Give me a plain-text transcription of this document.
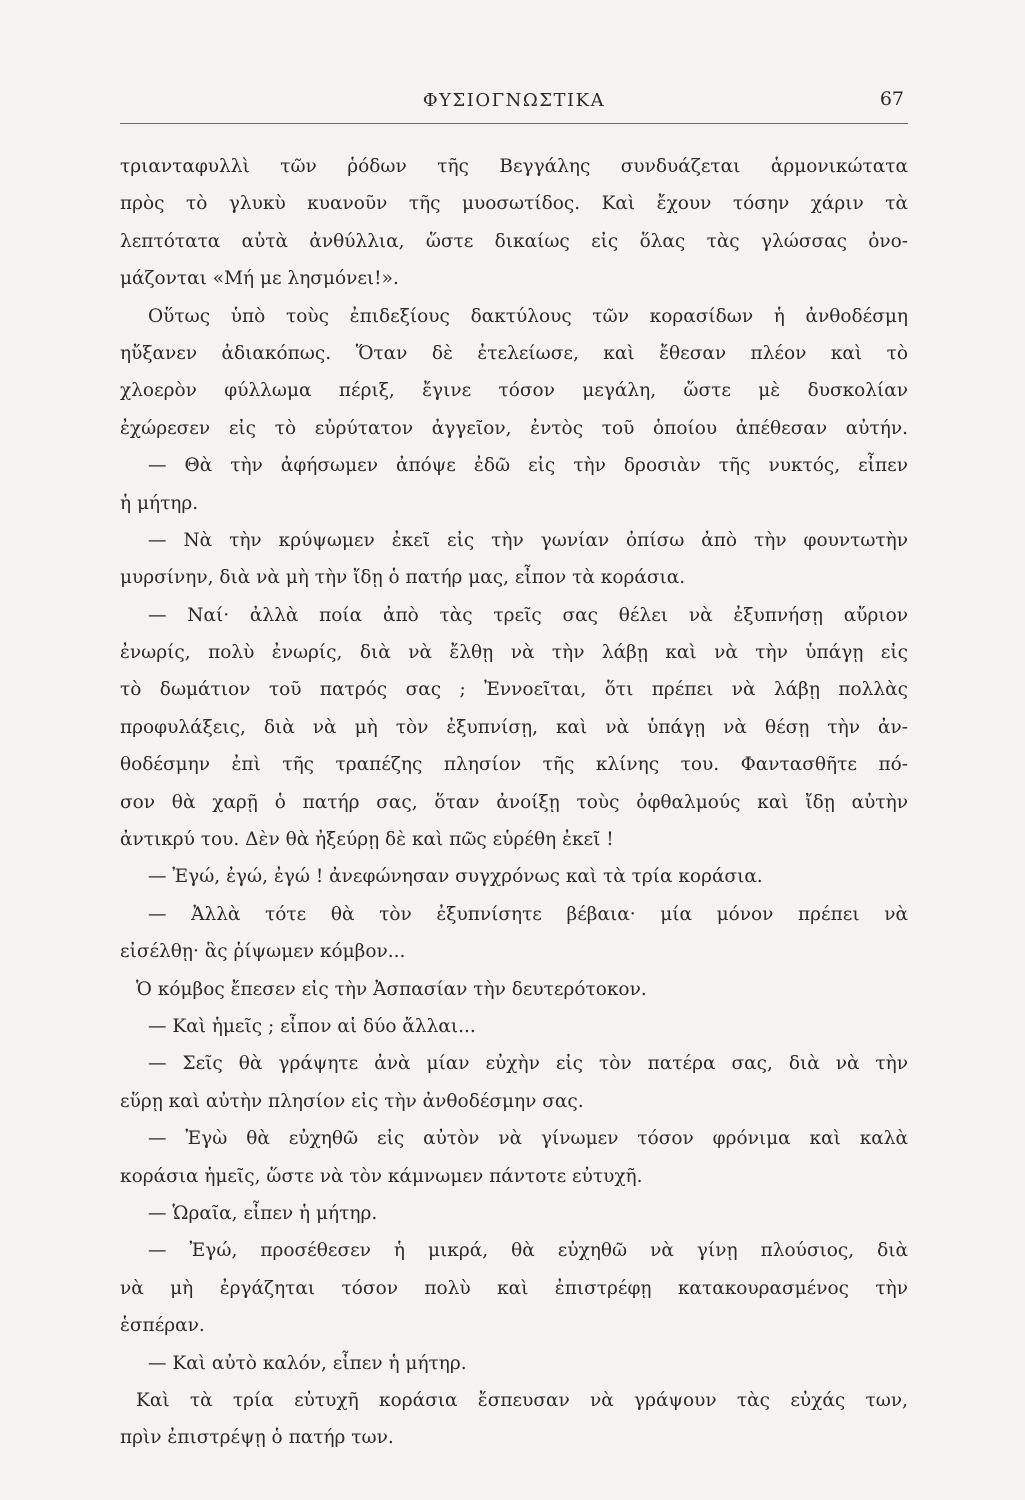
ΦΥΣΙΟΓΝΩΣΤΙΚΑ	67
τριανταφυλλὶ τῶν ῥόδων τῆς Βεγγάλης συνδυάζεται ἁρμονικώτατα
πρὸς τὸ γλυκὺ κυανοῦν τῆς μυοσωτίδος. Καὶ ἔχουν τόσην χάριν τὰ
λεπτότατα αὐτὰ ἀνθύλλια, ὥστε δικαίως εἰς ὅλας τὰς γλώσσας ὀνο-
μάζονται «Μή με λησμόνει!».
Οὕτως ὑπὸ τοὺς ἐπιδεξίους δακτύλους τῶν κορασίδων ἡ ἀνθοδέσμη
ηὔξανεν ἀδιακόπως. Ὅταν δὲ ἐτελείωσε, καὶ ἔθεσαν πλέον καὶ τὸ
χλοερὸν φύλλωμα πέριξ, ἔγινε τόσον μεγάλη, ὥστε μὲ δυσκολίαν
ἐχώρεσεν εἰς τὸ εὐρύτατον ἀγγεῖον, ἐντὸς τοῦ ὁποίου ἀπέθεσαν αὐτήν.
— Θὰ τὴν ἀφήσωμεν ἀπόψε ἐδῶ εἰς τὴν δροσιὰν τῆς νυκτός, εἶπεν
ἡ μήτηρ.
— Νὰ τὴν κρύψωμεν ἐκεῖ εἰς τὴν γωνίαν ὀπίσω ἀπὸ τὴν φουντωτὴν
μυρσίνην, διὰ νὰ μὴ τὴν ἴδῃ ὁ πατήρ μας, εἶπον τὰ κοράσια.
— Ναί· ἀλλὰ ποία ἀπὸ τὰς τρεῖς σας θέλει νὰ ἐξυπνήσῃ αὔριον
ἐνωρίς, πολὺ ἐνωρίς, διὰ νὰ ἔλθῃ νὰ τὴν λάβῃ καὶ νὰ τὴν ὑπάγῃ εἰς
τὸ δωμάτιον τοῦ πατρός σας ; Ἐννοεῖται, ὅτι πρέπει νὰ λάβῃ πολλὰς
προφυλάξεις, διὰ νὰ μὴ τὸν ἐξυπνίσῃ, καὶ νὰ ὑπάγῃ νὰ θέσῃ τὴν ἀν-
θοδέσμην ἐπὶ τῆς τραπέζης πλησίον τῆς κλίνης του. Φαντασθῆτε πό-
σον θὰ χαρῇ ὁ πατήρ σας, ὅταν ἀνοίξῃ τοὺς ὀφθαλμούς καὶ ἴδῃ αὐτὴν
ἀντικρύ του. Δὲν θὰ ἠξεύρῃ δὲ καὶ πῶς εὑρέθη ἐκεῖ !
— Ἐγώ, ἐγώ, ἐγώ ! ἀνεφώνησαν συγχρόνως καὶ τὰ τρία κοράσια.
— Ἀλλὰ τότε θὰ τὸν ἐξυπνίσητε βέβαια· μία μόνον πρέπει νὰ
εἰσέλθῃ· ἃς ῥίψωμεν κόμβον...
Ὁ κόμβος ἔπεσεν εἰς τὴν Ἀσπασίαν τὴν δευτερότοκον.
— Καὶ ἡμεῖς ; εἶπον αἱ δύο ἄλλαι...
— Σεῖς θὰ γράψητε ἀνὰ μίαν εὐχὴν εἰς τὸν πατέρα σας, διὰ νὰ τὴν
εὕρῃ καὶ αὐτὴν πλησίον εἰς τὴν ἀνθοδέσμην σας.
— Ἐγὼ θὰ εὐχηθῶ εἰς αὐτὸν νὰ γίνωμεν τόσον φρόνιμα καὶ καλὰ
κοράσια ἡμεῖς, ὥστε νὰ τὸν κάμνωμεν πάντοτε εὐτυχῆ.
— Ὡραῖα, εἶπεν ἡ μήτηρ.
— Ἐγώ, προσέθεσεν ἡ μικρά, θὰ εὐχηθῶ νὰ γίνῃ πλούσιος, διὰ
νὰ μὴ ἐργάζηται τόσον πολὺ καὶ ἐπιστρέφῃ κατακουρασμένος τὴν
ἑσπέραν.
— Καὶ αὐτὸ καλόν, εἶπεν ἡ μήτηρ.
Καὶ τὰ τρία εὐτυχῆ κοράσια ἔσπευσαν νὰ γράψουν τὰς εὐχάς των,
πρὶν ἐπιστρέψῃ ὁ πατήρ των.
